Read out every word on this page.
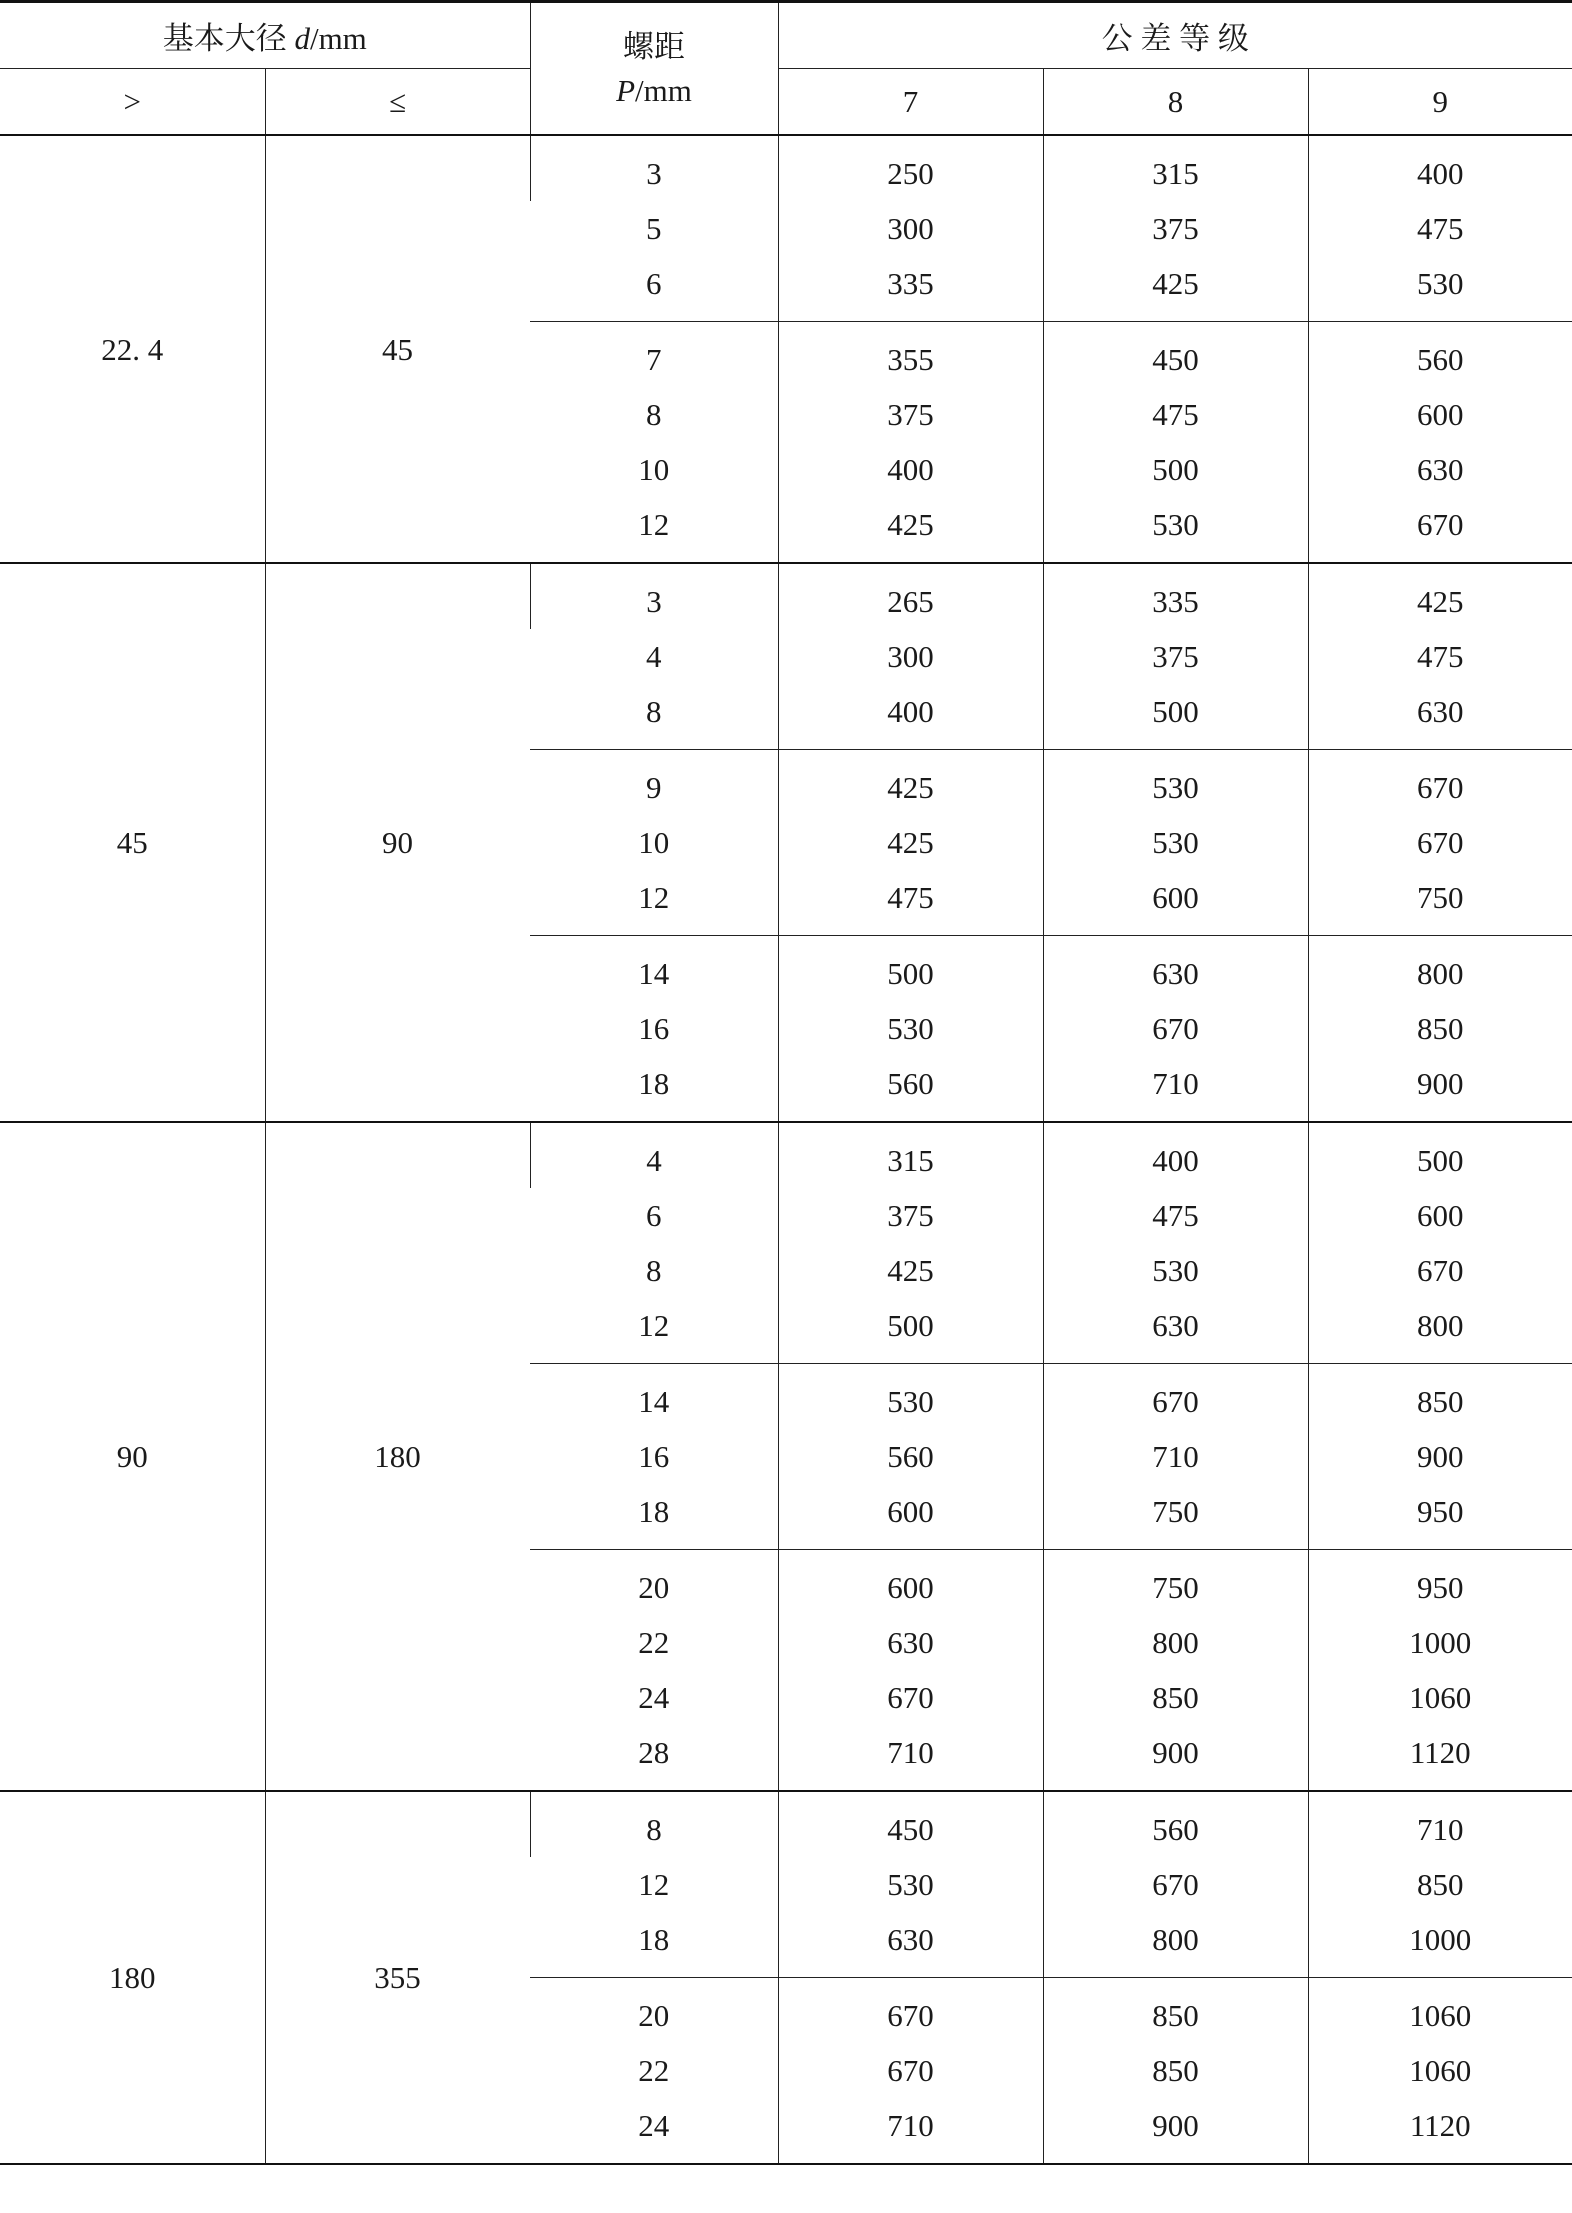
基本大径 d/mm		螺距
P/mm	公 差 等 级		
>	≤		7	8	9
22. 4	45	3	250	315	400
		5	300	375	475
		6	335	425	530
		7	355	450	560
		8	375	475	600
		10	400	500	630
		12	425	530	670
45	90	3	265	335	425
		4	300	375	475
		8	400	500	630
		9	425	530	670
		10	425	530	670
		12	475	600	750
		14	500	630	800
		16	530	670	850
		18	560	710	900
90	180	4	315	400	500
		6	375	475	600
		8	425	530	670
		12	500	630	800
		14	530	670	850
		16	560	710	900
		18	600	750	950
		20	600	750	950
		22	630	800	1000
		24	670	850	1060
		28	710	900	1120
180	355	8	450	560	710
		12	530	670	850
		18	630	800	1000
		20	670	850	1060
		22	670	850	1060
		24	710	900	1120
